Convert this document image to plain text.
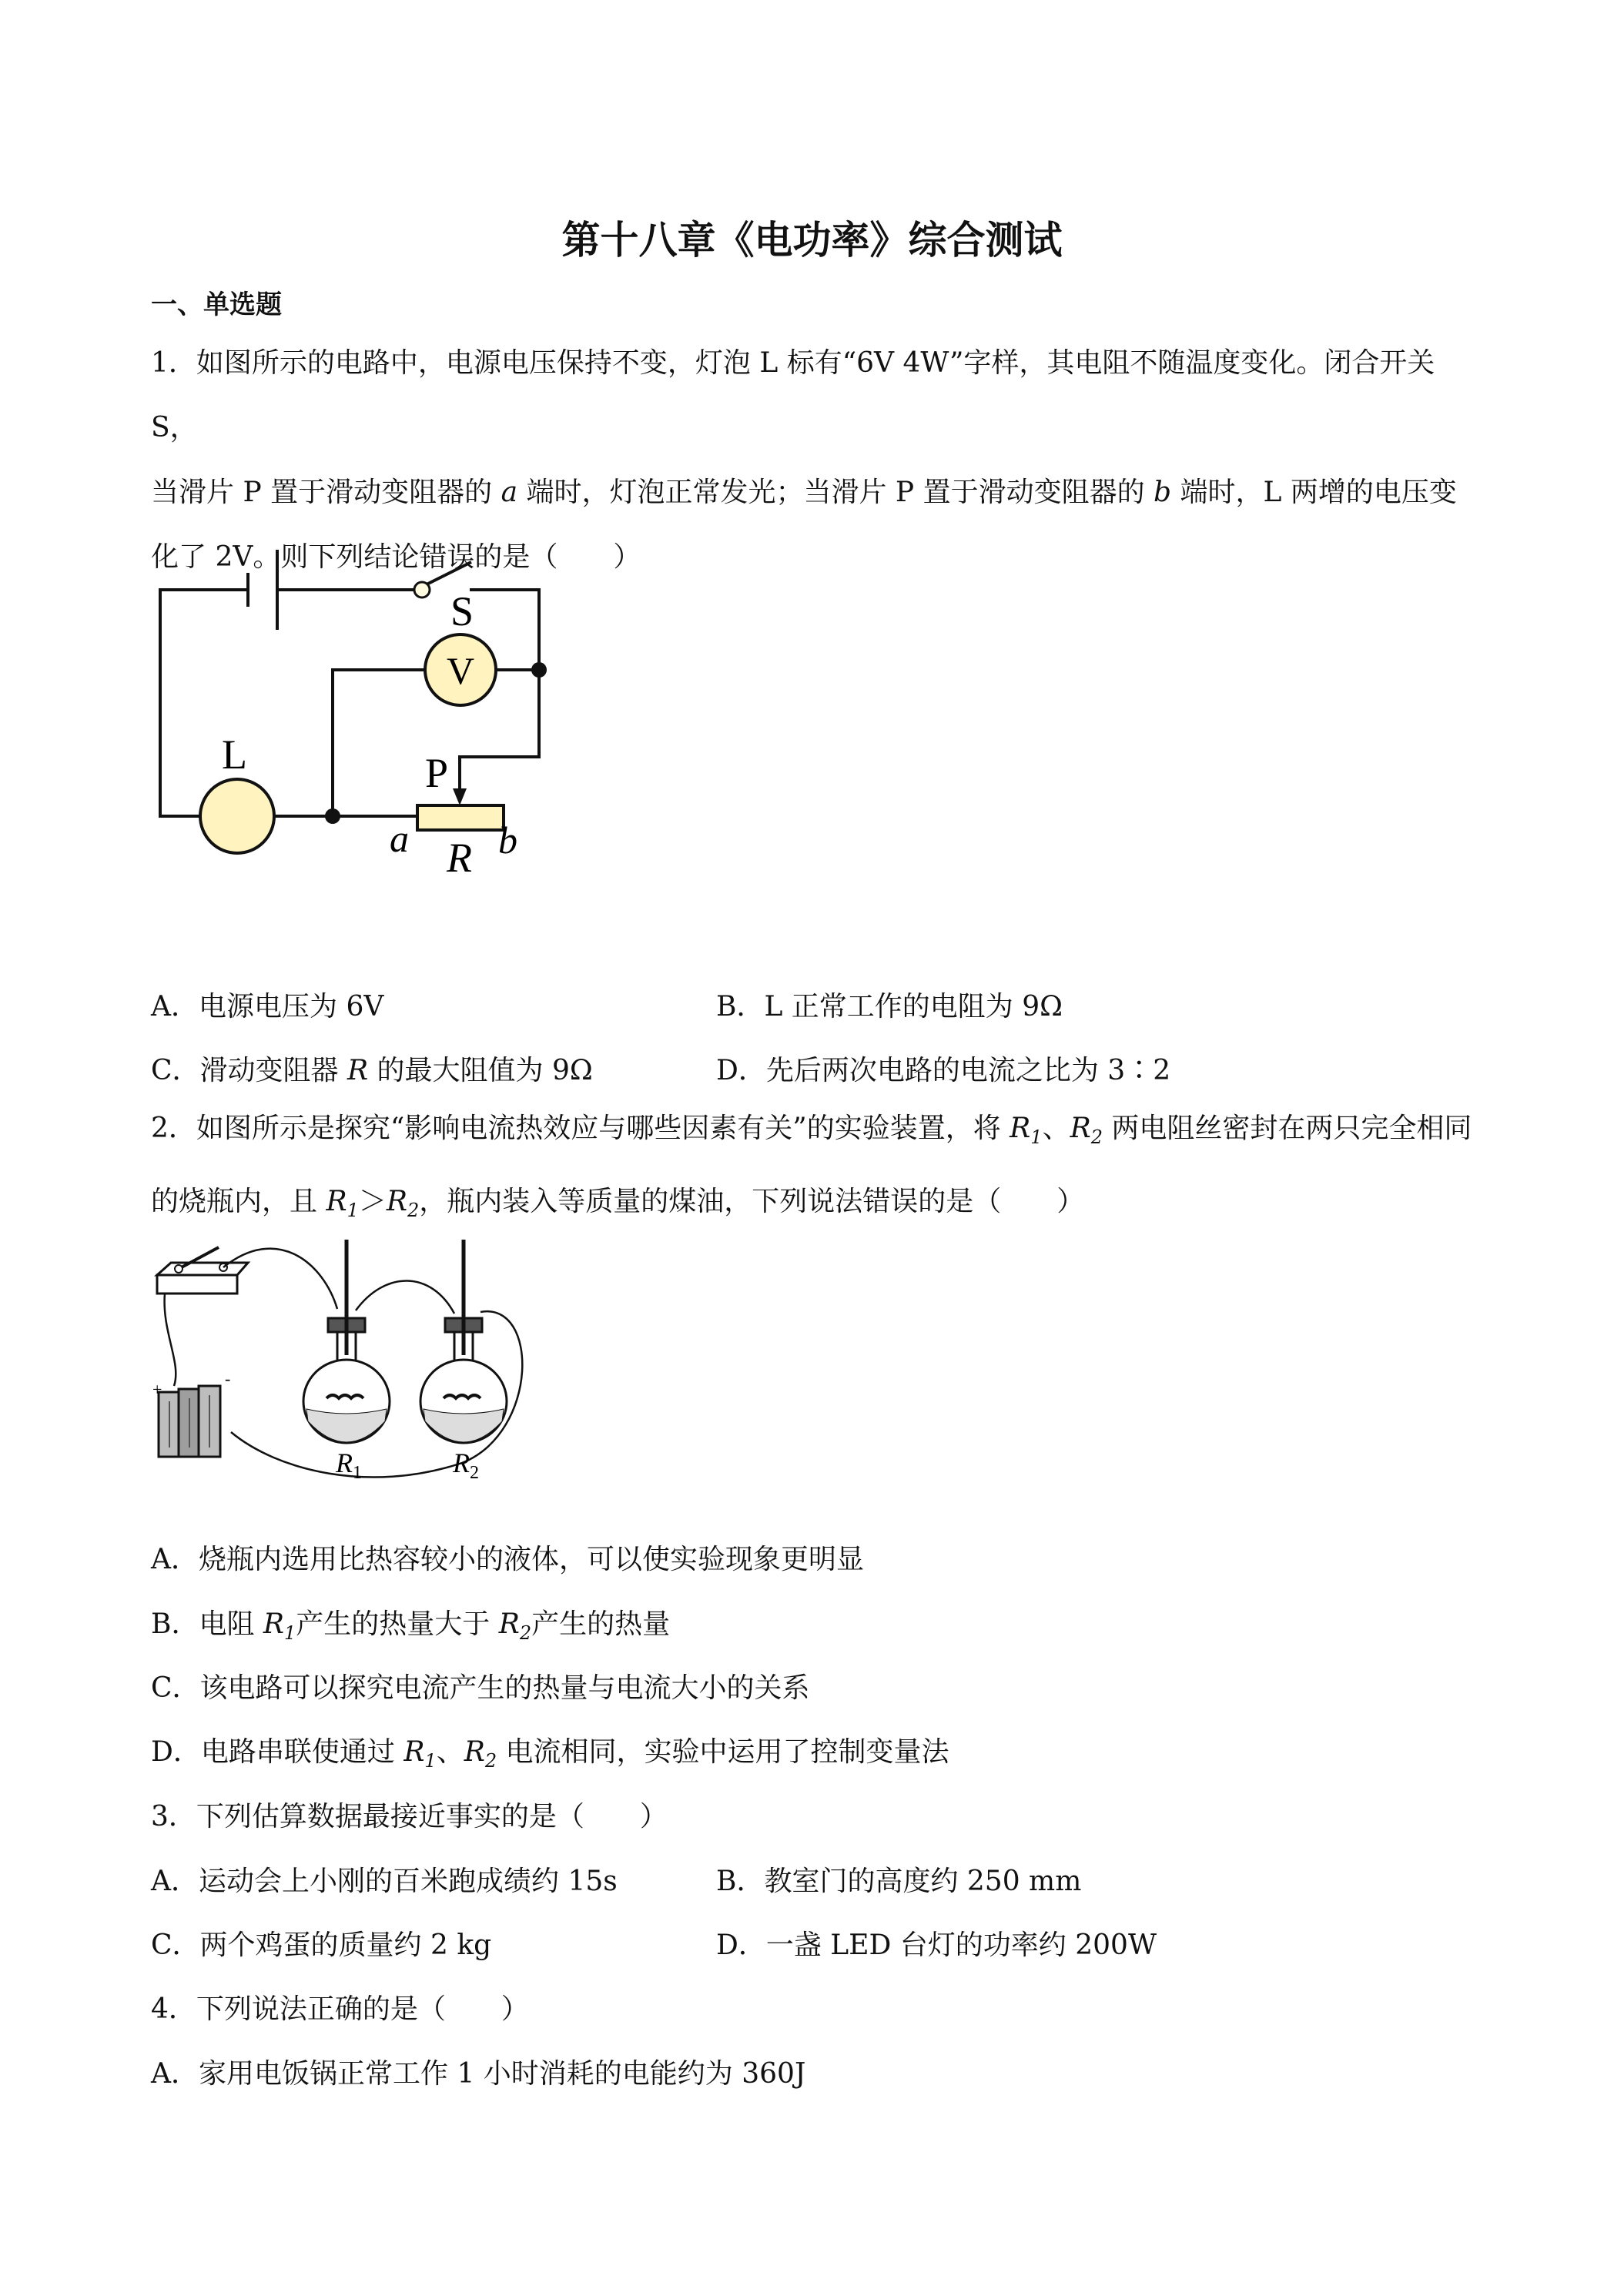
第十八章《电功率》综合测试
一、单选题

1．如图所示的电路中，电源电压保持不变，灯泡 L 标有“6V 4W”字样，其电阻不随温度变化。闭合开关 S，
当滑片 P 置于滑动变阻器的 a 端时，灯泡正常发光；当滑片 P 置于滑动变阻器的 b 端时，L 两增的电压变
化了 2V。则下列结论错误的是（　　）

S
V
L	P
a R b

A．电源电压为 6V	B．L 正常工作的电阻为 9Ω

C．滑动变阻器 R 的最大阻值为 9Ω	D．先后两次电路的电流之比为 3∶2

2．如图所示是探究“影响电流热效应与哪些因素有关”的实验装置，将 $R_1$、$R_2$ 两电阻丝密封在两只完全相同
的烧瓶内，且 $R_1>R_2$，瓶内装入等质量的煤油，下列说法错误的是（　　）

+
-
$R_1$	$R_2$

A．烧瓶内选用比热容较小的液体，可以使实验现象更明显

B．电阻 $R_1$产生的热量大于 $R_2$产生的热量

C．该电路可以探究电流产生的热量与电流大小的关系

D．电路串联使通过 $R_1$、$R_2$ 电流相同，实验中运用了控制变量法

3．下列估算数据最接近事实的是（　　）

A．运动会上小刚的百米跑成绩约 15s	B．教室门的高度约 250 mm

C．两个鸡蛋的质量约 2 kg	D．一盏 LED 台灯的功率约 200W

4．下列说法正确的是（　　）

A．家用电饭锅正常工作 1 小时消耗的电能约为 360J
